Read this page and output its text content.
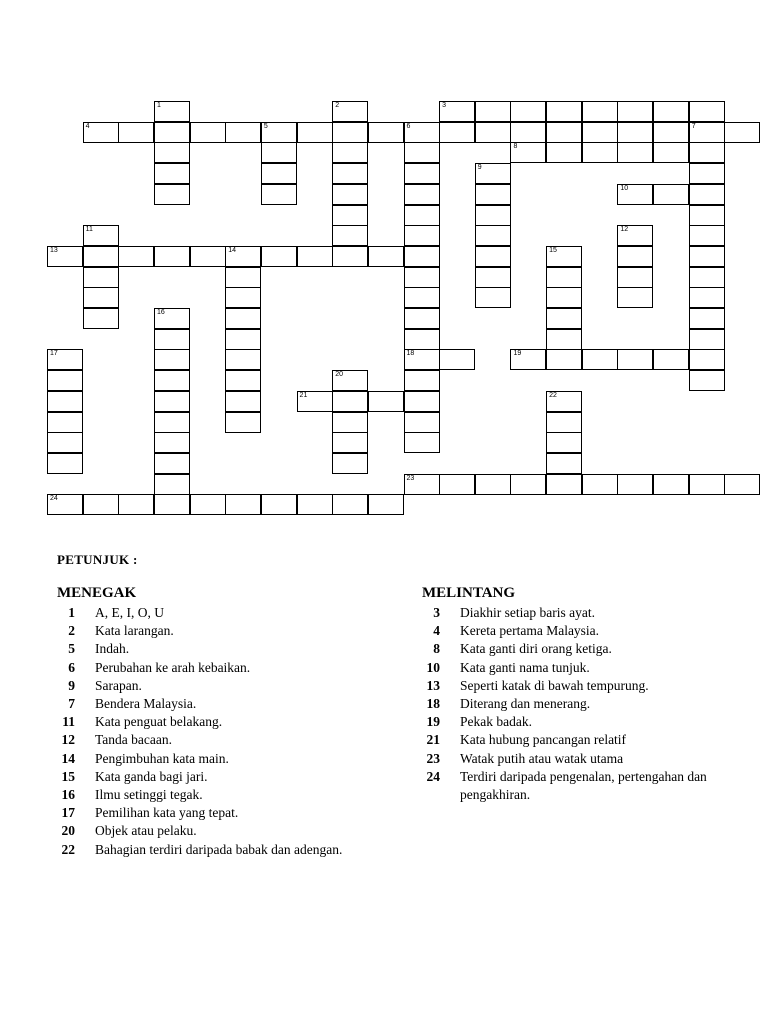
3
4	5	6	7
8
10
13	14
18	19
21
23
24
1	2
9
11	12
15
16
17
20
22
PETUNJUK :
MENEGAK
1 A, E, I, O, U
2 Kata larangan.
5 Indah.
6 Perubahan ke arah kebaikan.
9 Sarapan.
7 Bendera Malaysia.
11 Kata penguat belakang.
12 Tanda bacaan.
14 Pengimbuhan kata main.
15 Kata ganda bagi jari.
16 Ilmu setinggi tegak.
17 Pemilihan kata yang tepat.
20 Objek atau pelaku.
22 Bahagian terdiri daripada babak dan adengan.
MELINTANG
3 Diakhir setiap baris ayat.
4 Kereta pertama Malaysia.
8 Kata ganti diri orang ketiga.
10 Kata ganti nama tunjuk.
13 Seperti katak di bawah tempurung.
18 Diterang dan menerang.
19 Pekak badak.
21 Kata hubung pancangan relatif
23 Watak putih atau watak utama
24 Terdiri daripada pengenalan, pertengahan dan pengakhiran.
